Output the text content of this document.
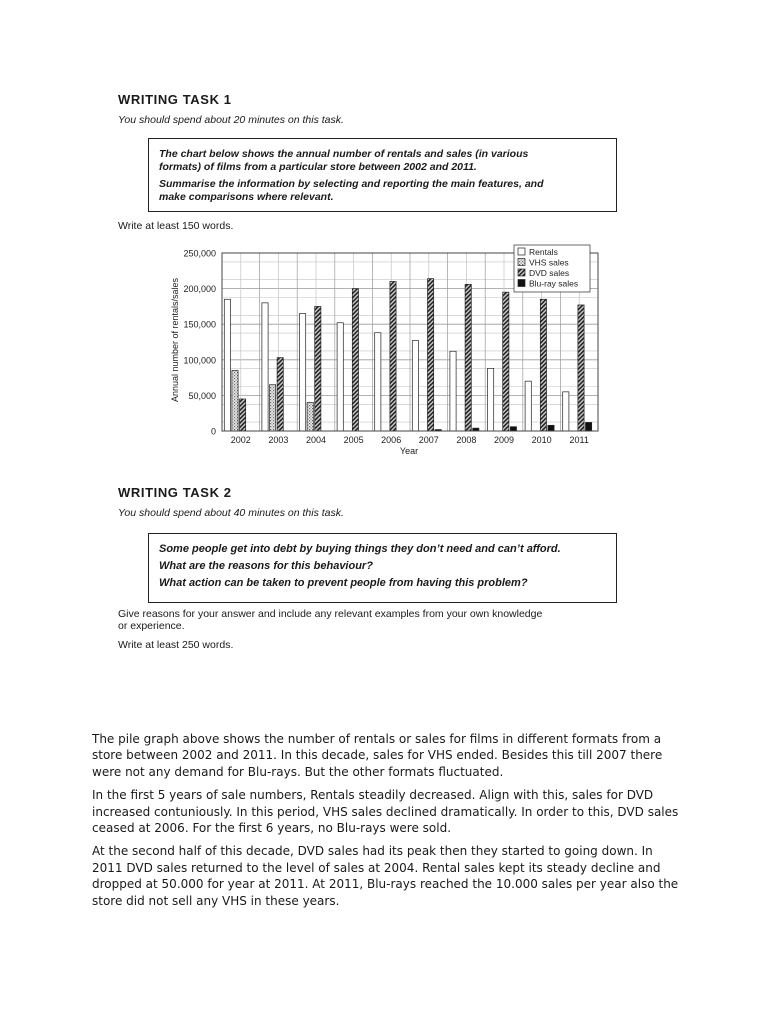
WRITING TASK 1
You should spend about 20 minutes on this task.

The chart below shows the annual number of rentals and sales (in various

formats) of films from a particular store between 2002 and 2011.

Summarise the information by selecting and reporting the main features, and

make comparisons where relevant.

Write at least 150 words.
0
50,000
100,000
150,000
200,000
250,000
2002 2003 2004 2005 2006 2007 2008 2009 2010 2011
Year
Annual number of rentals/sales
Rentals
VHS sales
DVD sales
Blu-ray sales
WRITING TASK 2
You should spend about 40 minutes on this task.

Some people get into debt by buying things they don’t need and can’t afford.

What are the reasons for this behaviour?

What action can be taken to prevent people from having this problem?

Give reasons for your answer and include any relevant examples from your own knowledge
or experience.
Write at least 250 words.

The pile graph above shows the number of rentals or sales for films in different formats from a store between 2002 and 2011. In this decade, sales for VHS ended. Besides this till 2007 there were not any demand for Blu-rays. But the other formats fluctuated.

In the first 5 years of sale numbers, Rentals steadily decreased. Align with this, sales for DVD increased contuniously. In this period, VHS sales declined dramatically. In order to this, DVD sales ceased at 2006. For the first 6 years, no Blu-rays were sold.

At the second half of this decade, DVD sales had its peak then they started to going down. In 2011 DVD sales returned to the level of sales at 2004. Rental sales kept its steady decline and dropped at 50.000 for year at 2011. At 2011, Blu-rays reached the 10.000 sales per year also the store did not sell any VHS in these years.
